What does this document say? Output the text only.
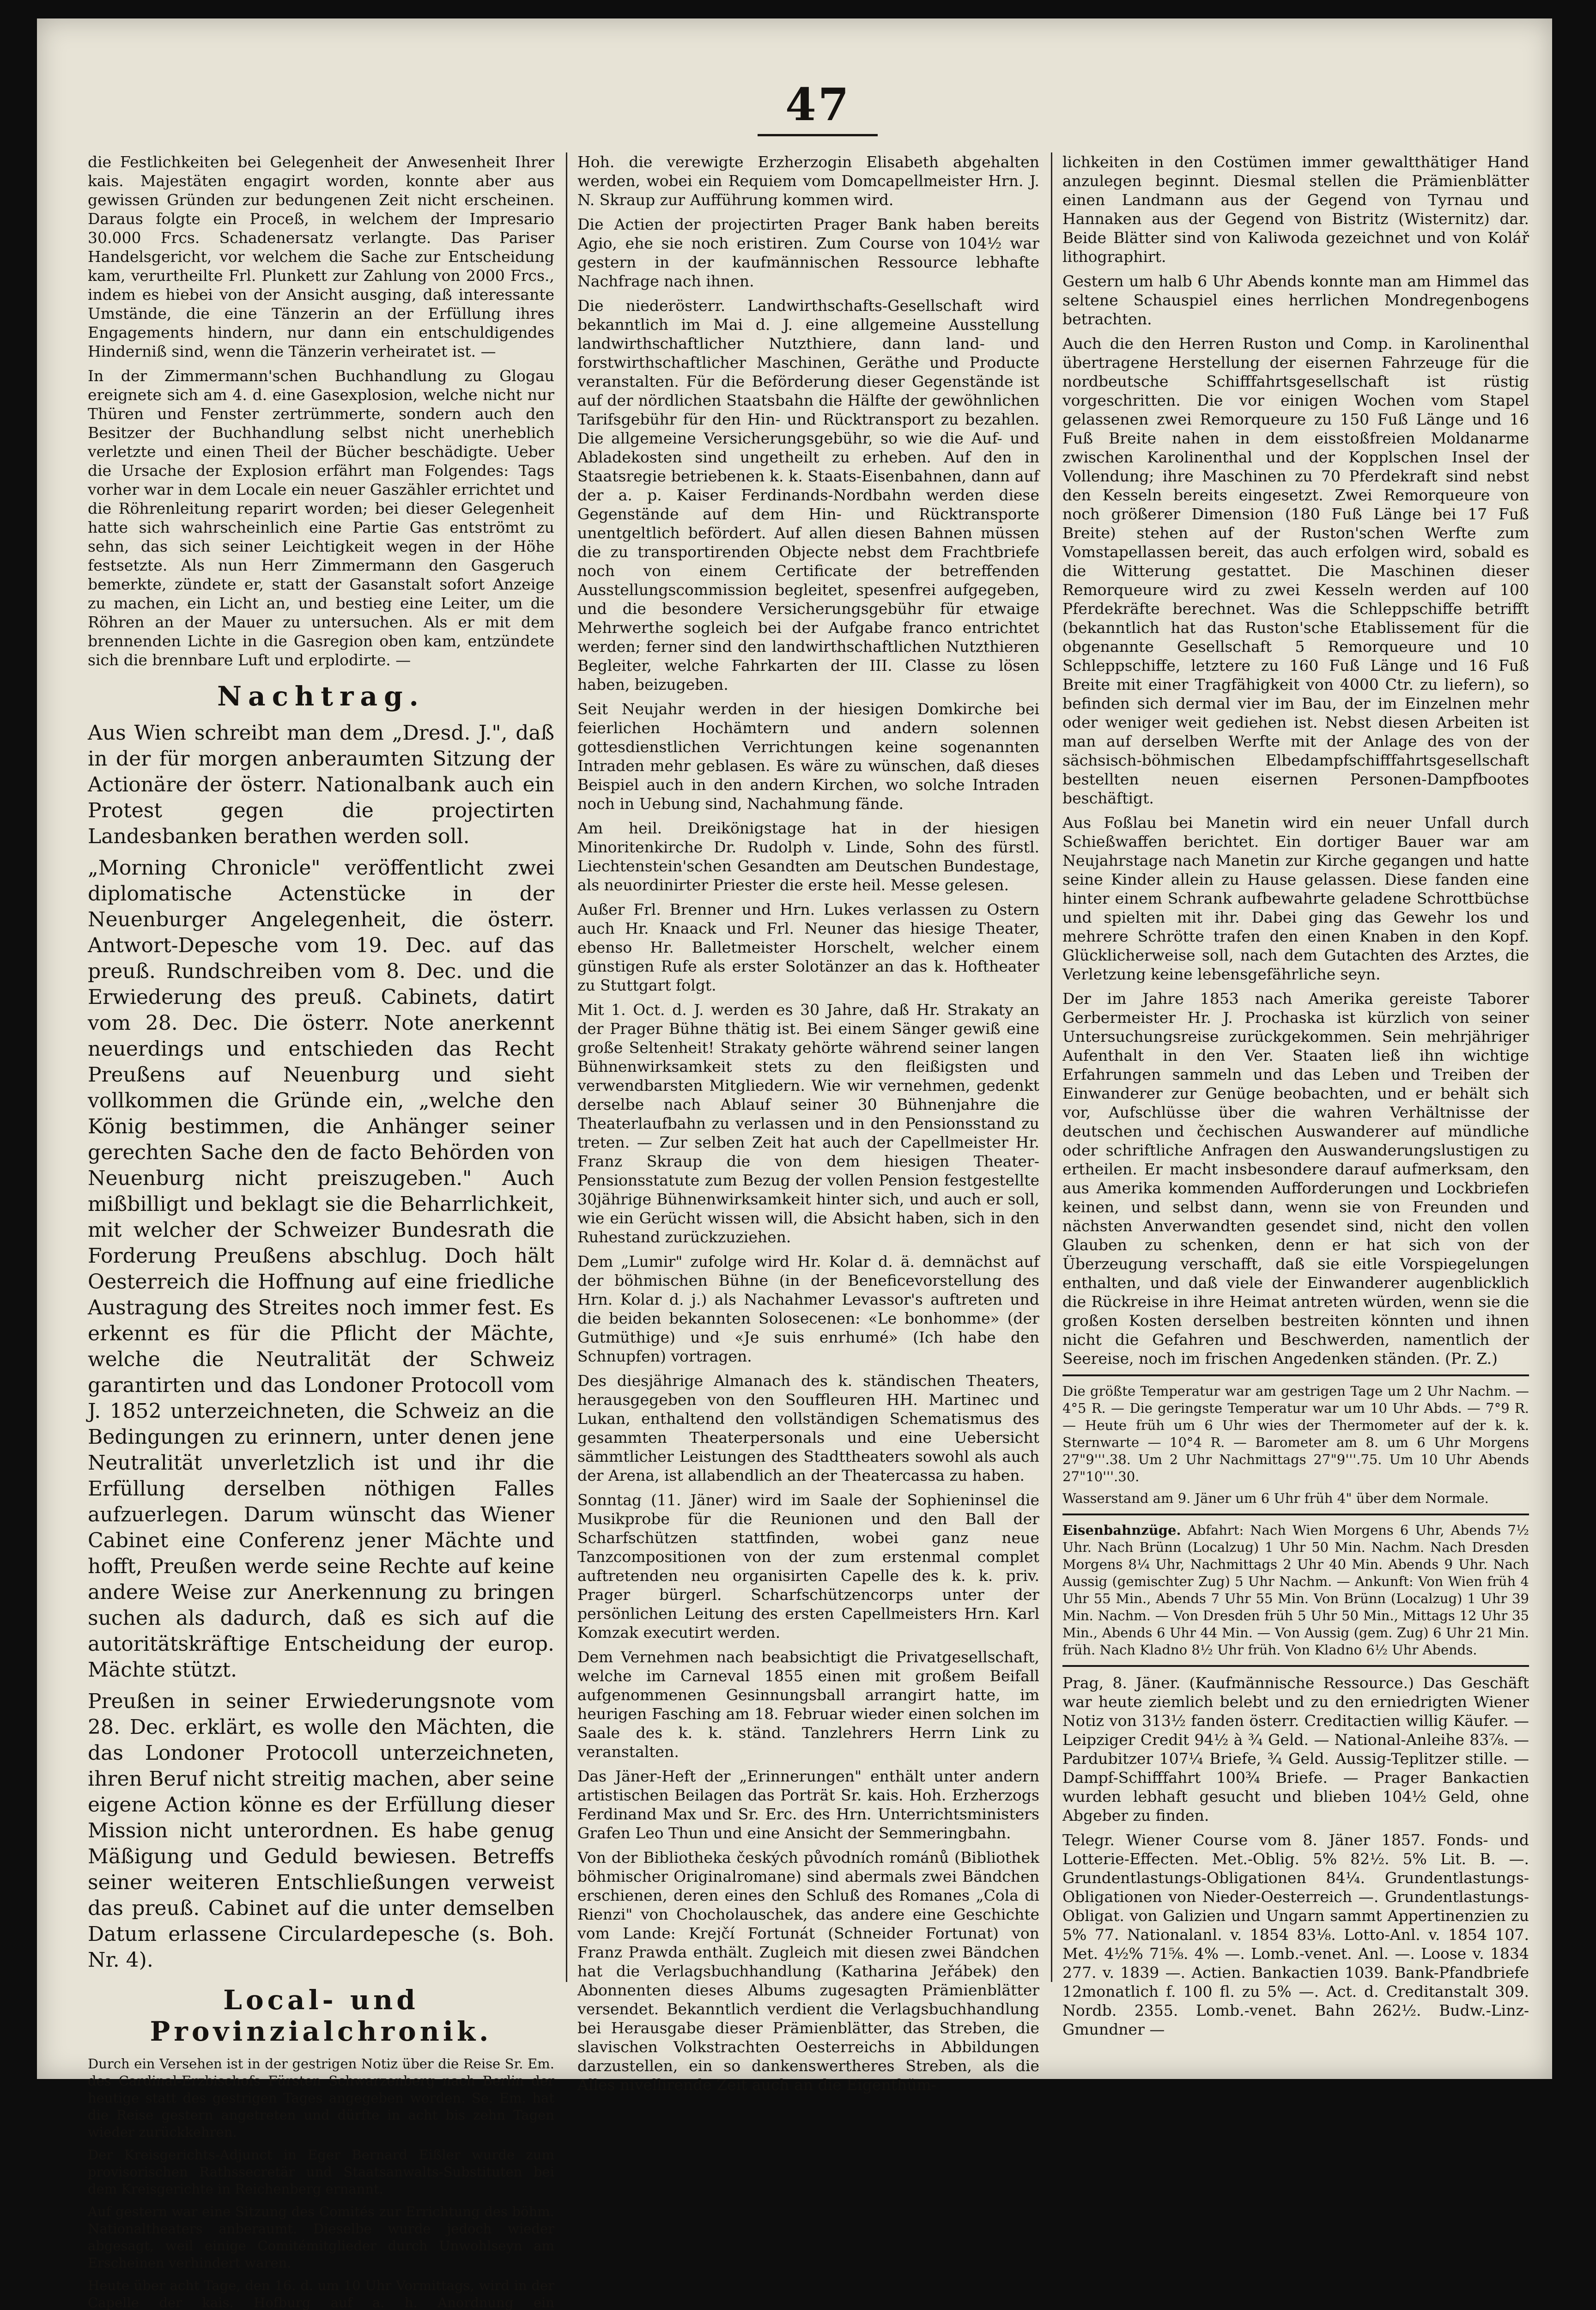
47

die Festlichkeiten bei Gelegenheit der Anwesenheit Ihrer kais. Majestäten engagirt worden, konnte aber aus gewissen Gründen zur bedungenen Zeit nicht erscheinen. Daraus folgte ein Proceß, in welchem der Impresario 30.000 Frcs. Schadenersatz verlangte. Das Pariser Handelsgericht, vor welchem die Sache zur Entscheidung kam, verurtheilte Frl. Plunkett zur Zahlung von 2000 Frcs., indem es hiebei von der Ansicht ausging, daß interessante Umstände, die eine Tänzerin an der Erfüllung ihres Engagements hindern, nur dann ein entschuldigendes Hinderniß sind, wenn die Tänzerin verheiratet ist. —

In der Zimmermann'schen Buchhandlung zu Glogau ereignete sich am 4. d. eine Gasexplosion, welche nicht nur Thüren und Fenster zertrümmerte, sondern auch den Besitzer der Buchhandlung selbst nicht unerheblich verletzte und einen Theil der Bücher beschädigte. Ueber die Ursache der Explosion erfährt man Folgendes: Tags vorher war in dem Locale ein neuer Gaszähler errichtet und die Röhrenleitung reparirt worden; bei dieser Gelegenheit hatte sich wahrscheinlich eine Partie Gas entströmt zu sehn, das sich seiner Leichtigkeit wegen in der Höhe festsetzte. Als nun Herr Zimmermann den Gasgeruch bemerkte, zündete er, statt der Gasanstalt sofort Anzeige zu machen, ein Licht an, und bestieg eine Leiter, um die Röhren an der Mauer zu untersuchen. Als er mit dem brennenden Lichte in die Gasregion oben kam, entzündete sich die brennbare Luft und erplodirte. —

Nachtrag.

Aus Wien schreibt man dem „Dresd. J.", daß in der für morgen anberaumten Sitzung der Actionäre der österr. Nationalbank auch ein Protest gegen die projectirten Landesbanken berathen werden soll.

„Morning Chronicle" veröffentlicht zwei diplomatische Actenstücke in der Neuenburger Angelegenheit, die österr. Antwort-Depesche vom 19. Dec. auf das preuß. Rundschreiben vom 8. Dec. und die Erwiederung des preuß. Cabinets, datirt vom 28. Dec. Die österr. Note anerkennt neuerdings und entschieden das Recht Preußens auf Neuenburg und sieht vollkommen die Gründe ein, „welche den König bestimmen, die Anhänger seiner gerechten Sache den de facto Behörden von Neuenburg nicht preiszugeben." Auch mißbilligt und beklagt sie die Beharrlichkeit, mit welcher der Schweizer Bundesrath die Forderung Preußens abschlug. Doch hält Oesterreich die Hoffnung auf eine friedliche Austragung des Streites noch immer fest. Es erkennt es für die Pflicht der Mächte, welche die Neutralität der Schweiz garantirten und das Londoner Protocoll vom J. 1852 unterzeichneten, die Schweiz an die Bedingungen zu erinnern, unter denen jene Neutralität unverletzlich ist und ihr die Erfüllung derselben nöthigen Falles aufzuerlegen. Darum wünscht das Wiener Cabinet eine Conferenz jener Mächte und hofft, Preußen werde seine Rechte auf keine andere Weise zur Anerkennung zu bringen suchen als dadurch, daß es sich auf die autoritätskräftige Entscheidung der europ. Mächte stützt.

Preußen in seiner Erwiederungsnote vom 28. Dec. erklärt, es wolle den Mächten, die das Londoner Protocoll unterzeichneten, ihren Beruf nicht streitig machen, aber seine eigene Action könne es der Erfüllung dieser Mission nicht unterordnen. Es habe genug Mäßigung und Geduld bewiesen. Betreffs seiner weiteren Entschließungen verweist das preuß. Cabinet auf die unter demselben Datum erlassene Circulardepesche (s. Boh. Nr. 4).

Local- und Provinzialchronik.

Durch ein Versehen ist in der gestrigen Notiz über die Reise Sr. Em. des Cardinal-Erzbischofs Fürsten Schwarzenberg nach Berlin der heutige statt des gestrigen Tages angegeben worden. Se. Em. hat die Reise gestern angetreten und dürfte in acht bis zehn Tagen wieder zurückkehren.

Der Kreisgerichts-Adjunct in Eger Bernard Eißler wurde zum provisorischen Rathssecretär und Staatsanwalts-Substituten bei dem Kreisgerichte in Reichenberg ernannt.

Auf gestern war eine Sitzung des Comités zur Errichtung des böhm. Nationaltheaters anberaumt. Dieselbe wurde jedoch wieder abgesagt, weil einige Comitémitglieder durch Unwohlseyn am Erscheinen verhindert waren.

Heute über acht Tage, den 16. d. um 10 Uhr Vormittags, wird in der Capelle der kais. Hofburg auf a. h. Anordnung ein

Hoh. die verewigte Erzherzogin Elisabeth abgehalten werden, wobei ein Requiem vom Domcapellmeister Hrn. J. N. Skraup zur Aufführung kommen wird.

Die Actien der projectirten Prager Bank haben bereits Agio, ehe sie noch eristiren. Zum Course von 104½ war gestern in der kaufmännischen Ressource lebhafte Nachfrage nach ihnen.

Die niederösterr. Landwirthschafts-Gesellschaft wird bekanntlich im Mai d. J. eine allgemeine Ausstellung landwirthschaftlicher Nutzthiere, dann land- und forstwirthschaftlicher Maschinen, Geräthe und Producte veranstalten. Für die Beförderung dieser Gegenstände ist auf der nördlichen Staatsbahn die Hälfte der gewöhnlichen Tarifsgebühr für den Hin- und Rücktransport zu bezahlen. Die allgemeine Versicherungsgebühr, so wie die Auf- und Abladekosten sind ungetheilt zu erheben. Auf den in Staatsregie betriebenen k. k. Staats-Eisenbahnen, dann auf der a. p. Kaiser Ferdinands-Nordbahn werden diese Gegenstände auf dem Hin- und Rücktransporte unentgeltlich befördert. Auf allen diesen Bahnen müssen die zu transportirenden Objecte nebst dem Frachtbriefe noch von einem Certificate der betreffenden Ausstellungscommission begleitet, spesenfrei aufgegeben, und die besondere Versicherungsgebühr für etwaige Mehrwerthe sogleich bei der Aufgabe franco entrichtet werden; ferner sind den landwirthschaftlichen Nutzthieren Begleiter, welche Fahrkarten der III. Classe zu lösen haben, beizugeben.

Seit Neujahr werden in der hiesigen Domkirche bei feierlichen Hochämtern und andern solennen gottesdienstlichen Verrichtungen keine sogenannten Intraden mehr geblasen. Es wäre zu wünschen, daß dieses Beispiel auch in den andern Kirchen, wo solche Intraden noch in Uebung sind, Nachahmung fände.

Am heil. Dreikönigstage hat in der hiesigen Minoritenkirche Dr. Rudolph v. Linde, Sohn des fürstl. Liechtenstein'schen Gesandten am Deutschen Bundestage, als neuordinirter Priester die erste heil. Messe gelesen.

Außer Frl. Brenner und Hrn. Lukes verlassen zu Ostern auch Hr. Knaack und Frl. Neuner das hiesige Theater, ebenso Hr. Balletmeister Horschelt, welcher einem günstigen Rufe als erster Solotänzer an das k. Hoftheater zu Stuttgart folgt.

Mit 1. Oct. d. J. werden es 30 Jahre, daß Hr. Strakaty an der Prager Bühne thätig ist. Bei einem Sänger gewiß eine große Seltenheit! Strakaty gehörte während seiner langen Bühnenwirksamkeit stets zu den fleißigsten und verwendbarsten Mitgliedern. Wie wir vernehmen, gedenkt derselbe nach Ablauf seiner 30 Bühnenjahre die Theaterlaufbahn zu verlassen und in den Pensionsstand zu treten. — Zur selben Zeit hat auch der Capellmeister Hr. Franz Skraup die von dem hiesigen Theater-Pensionsstatute zum Bezug der vollen Pension festgestellte 30jährige Bühnenwirksamkeit hinter sich, und auch er soll, wie ein Gerücht wissen will, die Absicht haben, sich in den Ruhestand zurückzuziehen.

Dem „Lumir" zufolge wird Hr. Kolar d. ä. demnächst auf der böhmischen Bühne (in der Beneficevorstellung des Hrn. Kolar d. j.) als Nachahmer Levassor's auftreten und die beiden bekannten Solosecenen: «Le bonhomme» (der Gutmüthige) und «Je suis enrhumé» (Ich habe den Schnupfen) vortragen.

Des diesjährige Almanach des k. ständischen Theaters, herausgegeben von den Souffleuren HH. Martinec und Lukan, enthaltend den vollständigen Schematismus des gesammten Theaterpersonals und eine Uebersicht sämmtlicher Leistungen des Stadttheaters sowohl als auch der Arena, ist allabendlich an der Theatercassa zu haben.

Sonntag (11. Jäner) wird im Saale der Sophieninsel die Musikprobe für die Reunionen und den Ball der Scharfschützen stattfinden, wobei ganz neue Tanzcompositionen von der zum erstenmal complet auftretenden neu organisirten Capelle des k. k. priv. Prager bürgerl. Scharfschützencorps unter der persönlichen Leitung des ersten Capellmeisters Hrn. Karl Komzak executirt werden.

Dem Vernehmen nach beabsichtigt die Privatgesellschaft, welche im Carneval 1855 einen mit großem Beifall aufgenommenen Gesinnungsball arrangirt hatte, im heurigen Fasching am 18. Februar wieder einen solchen im Saale des k. k. ständ. Tanzlehrers Herrn Link zu veranstalten.

Das Jäner-Heft der „Erinnerungen" enthält unter andern artistischen Beilagen das Porträt Sr. kais. Hoh. Erzherzogs Ferdinand Max und Sr. Erc. des Hrn. Unterrichtsministers Grafen Leo Thun und eine Ansicht der Semmeringbahn.

Von der Bibliotheka českých původních románů (Bibliothek böhmischer Originalromane) sind abermals zwei Bändchen erschienen, deren eines den Schluß des Romanes „Cola di Rienzi" von Chocholauschek, das andere eine Geschichte vom Lande: Krejčí Fortunát (Schneider Fortunat) von Franz Prawda enthält. Zugleich mit diesen zwei Bändchen hat die Verlagsbuchhandlung (Katharina Jeřábek) den Abonnenten dieses Albums zugesagten Prämienblätter versendet. Bekanntlich verdient die Verlagsbuchhandlung bei Herausgabe dieser Prämienblätter, das Streben, die slavischen Volkstrachten Oesterreichs in Abbildungen darzustellen, ein so dankenswertheres Streben, als die Alles nivellirende Zeit auch an die Eigenthüm-

lichkeiten in den Costümen immer gewaltthätiger Hand anzulegen beginnt. Diesmal stellen die Prämienblätter einen Landmann aus der Gegend von Tyrnau und Hannaken aus der Gegend von Bistritz (Wisternitz) dar. Beide Blätter sind von Kaliwoda gezeichnet und von Kolář lithographirt.

Gestern um halb 6 Uhr Abends konnte man am Himmel das seltene Schauspiel eines herrlichen Mondregenbogens betrachten.

Auch die den Herren Ruston und Comp. in Karolinenthal übertragene Herstellung der eisernen Fahrzeuge für die nordbeutsche Schifffahrtsgesellschaft ist rüstig vorgeschritten. Die vor einigen Wochen vom Stapel gelassenen zwei Remorqueure zu 150 Fuß Länge und 16 Fuß Breite nahen in dem eisstoßfreien Moldanarme zwischen Karolinenthal und der Kopplschen Insel der Vollendung; ihre Maschinen zu 70 Pferdekraft sind nebst den Kesseln bereits eingesetzt. Zwei Remorqueure von noch größerer Dimension (180 Fuß Länge bei 17 Fuß Breite) stehen auf der Ruston'schen Werfte zum Vomstapellassen bereit, das auch erfolgen wird, sobald es die Witterung gestattet. Die Maschinen dieser Remorqueure wird zu zwei Kesseln werden auf 100 Pferdekräfte berechnet. Was die Schleppschiffe betrifft (bekanntlich hat das Ruston'sche Etablissement für die obgenannte Gesellschaft 5 Remorqueure und 10 Schleppschiffe, letztere zu 160 Fuß Länge und 16 Fuß Breite mit einer Tragfähigkeit von 4000 Ctr. zu liefern), so befinden sich dermal vier im Bau, der im Einzelnen mehr oder weniger weit gediehen ist. Nebst diesen Arbeiten ist man auf derselben Werfte mit der Anlage des von der sächsisch-böhmischen Elbedampfschifffahrtsgesellschaft bestellten neuen eisernen Personen-Dampfbootes beschäftigt.

Aus Foßlau bei Manetin wird ein neuer Unfall durch Schießwaffen berichtet. Ein dortiger Bauer war am Neujahrstage nach Manetin zur Kirche gegangen und hatte seine Kinder allein zu Hause gelassen. Diese fanden eine hinter einem Schrank aufbewahrte geladene Schrottbüchse und spielten mit ihr. Dabei ging das Gewehr los und mehrere Schrötte trafen den einen Knaben in den Kopf. Glücklicherweise soll, nach dem Gutachten des Arztes, die Verletzung keine lebensgefährliche seyn.

Der im Jahre 1853 nach Amerika gereiste Taborer Gerbermeister Hr. J. Prochaska ist kürzlich von seiner Untersuchungsreise zurückgekommen. Sein mehrjähriger Aufenthalt in den Ver. Staaten ließ ihn wichtige Erfahrungen sammeln und das Leben und Treiben der Einwanderer zur Genüge beobachten, und er behält sich vor, Aufschlüsse über die wahren Verhältnisse der deutschen und čechischen Auswanderer auf mündliche oder schriftliche Anfragen den Auswanderungslustigen zu ertheilen. Er macht insbesondere darauf aufmerksam, den aus Amerika kommenden Aufforderungen und Lockbriefen keinen, und selbst dann, wenn sie von Freunden und nächsten Anverwandten gesendet sind, nicht den vollen Glauben zu schenken, denn er hat sich von der Überzeugung verschafft, daß sie eitle Vorspiegelungen enthalten, und daß viele der Einwanderer augenblicklich die Rückreise in ihre Heimat antreten würden, wenn sie die großen Kosten derselben bestreiten könnten und ihnen nicht die Gefahren und Beschwerden, namentlich der Seereise, noch im frischen Angedenken ständen. (Pr. Z.)

Die größte Temperatur war am gestrigen Tage um 2 Uhr Nachm. — 4°5 R. — Die geringste Temperatur war um 10 Uhr Abds. — 7°9 R. — Heute früh um 6 Uhr wies der Thermometer auf der k. k. Sternwarte — 10°4 R. — Barometer am 8. um 6 Uhr Morgens 27"9'''.38. Um 2 Uhr Nachmittags 27"9'''.75. Um 10 Uhr Abends 27"10'''.30.
Wasserstand am 9. Jäner um 6 Uhr früh 4" über dem Normale.
Eisenbahnzüge. Abfahrt: Nach Wien Morgens 6 Uhr, Abends 7½ Uhr. Nach Brünn (Localzug) 1 Uhr 50 Min. Nachm. Nach Dresden Morgens 8¼ Uhr, Nachmittags 2 Uhr 40 Min. Abends 9 Uhr. Nach Aussig (gemischter Zug) 5 Uhr Nachm. — Ankunft: Von Wien früh 4 Uhr 55 Min., Abends 7 Uhr 55 Min. Von Brünn (Localzug) 1 Uhr 39 Min. Nachm. — Von Dresden früh 5 Uhr 50 Min., Mittags 12 Uhr 35 Min., Abends 6 Uhr 44 Min. — Von Aussig (gem. Zug) 6 Uhr 21 Min. früh. Nach Kladno 8½ Uhr früh. Von Kladno 6½ Uhr Abends.

Prag, 8. Jäner. (Kaufmännische Ressource.) Das Geschäft war heute ziemlich belebt und zu den erniedrigten Wiener Notiz von 313½ fanden österr. Creditactien willig Käufer. — Leipziger Credit 94½ à ¾ Geld. — National-Anleihe 83⅞. — Pardubitzer 107¼ Briefe, ¾ Geld. Aussig-Teplitzer stille. — Dampf-Schifffahrt 100¾ Briefe. — Prager Bankactien wurden lebhaft gesucht und blieben 104½ Geld, ohne Abgeber zu finden.

Telegr. Wiener Course vom 8. Jäner 1857. Fonds- und Lotterie-Effecten. Met.-Oblig. 5% 82½. 5% Lit. B. —. Grundentlastungs-Obligationen 84¼. Grundentlastungs-Obligationen von Nieder-Oesterreich —. Grundentlastungs-Obligat. von Galizien und Ungarn sammt Appertinenzien zu 5% 77. Nationalanl. v. 1854 83⅛. Lotto-Anl. v. 1854 107. Met. 4½% 71⅝. 4% —. Lomb.-venet. Anl. —. Loose v. 1834 277. v. 1839 —. Actien. Bankactien 1039. Bank-Pfandbriefe 12monatlich f. 100 fl. zu 5% —. Act. d. Creditanstalt 309. Nordb. 2355. Lomb.-venet. Bahn 262½. Budw.-Linz-Gmundner —
